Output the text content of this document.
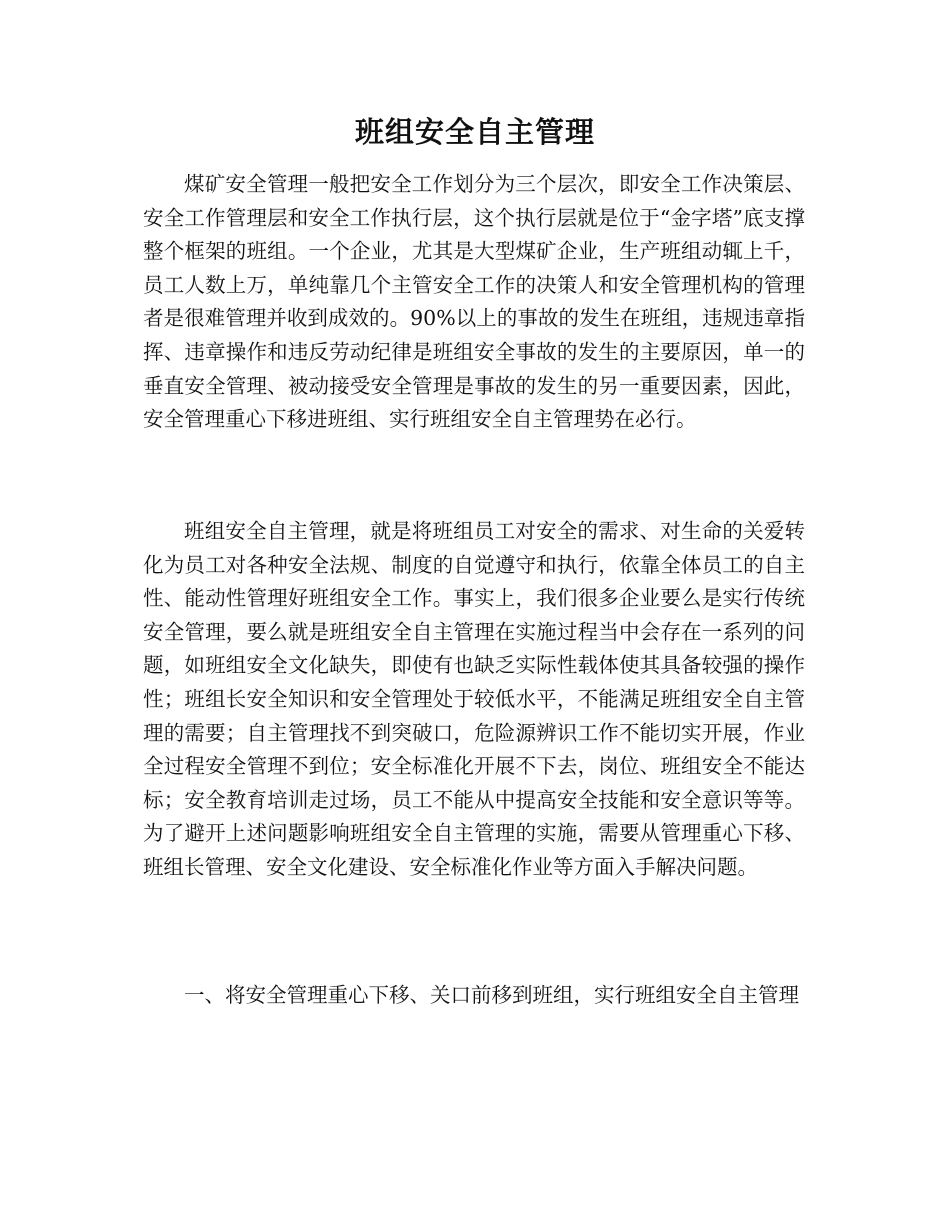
班组安全自主管理

煤矿安全管理一般把安全工作划分为三个层次，即安全工作决策层、安全工作管理层和安全工作执行层，这个执行层就是位于“金字塔”底支撑整个框架的班组。一个企业，尤其是大型煤矿企业，生产班组动辄上千，员工人数上万，单纯靠几个主管安全工作的决策人和安全管理机构的管理者是很难管理并收到成效的。90%以上的事故的发生在班组，违规违章指挥、违章操作和违反劳动纪律是班组安全事故的发生的主要原因，单一的垂直安全管理、被动接受安全管理是事故的发生的另一重要因素，因此，安全管理重心下移进班组、实行班组安全自主管理势在必行。

班组安全自主管理，就是将班组员工对安全的需求、对生命的关爱转化为员工对各种安全法规、制度的自觉遵守和执行，依靠全体员工的自主性、能动性管理好班组安全工作。事实上，我们很多企业要么是实行传统安全管理，要么就是班组安全自主管理在实施过程当中会存在一系列的问题，如班组安全文化缺失，即使有也缺乏实际性载体使其具备较强的操作性；班组长安全知识和安全管理处于较低水平，不能满足班组安全自主管理的需要；自主管理找不到突破口，危险源辨识工作不能切实开展，作业全过程安全管理不到位；安全标准化开展不下去，岗位、班组安全不能达标；安全教育培训走过场，员工不能从中提高安全技能和安全意识等等。为了避开上述问题影响班组安全自主管理的实施，需要从管理重心下移、班组长管理、安全文化建设、安全标准化作业等方面入手解决问题。

一、将安全管理重心下移、关口前移到班组，实行班组安全自主管理
